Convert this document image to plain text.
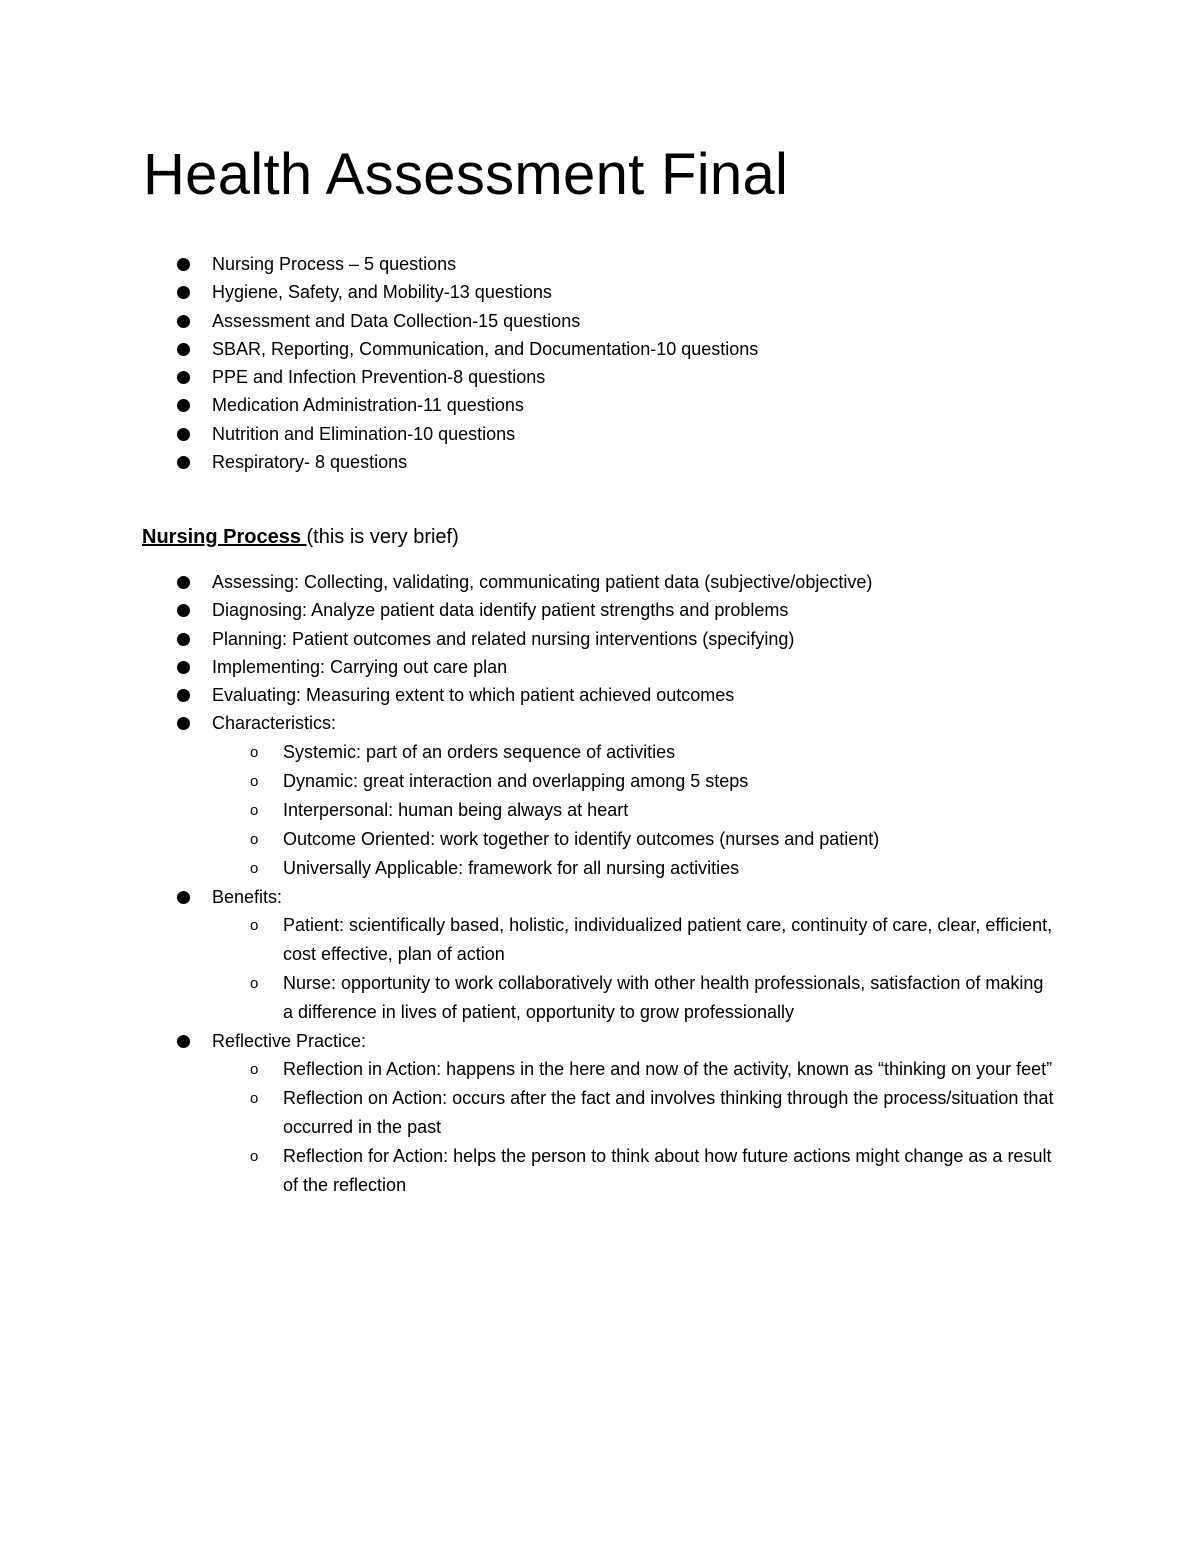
Health Assessment Final
Nursing Process – 5 questions
Hygiene, Safety, and Mobility-13 questions
Assessment and Data Collection-15 questions
SBAR, Reporting, Communication, and Documentation-10 questions
PPE and Infection Prevention-8 questions
Medication Administration-11 questions
Nutrition and Elimination-10 questions
Respiratory- 8 questions
Nursing Process (this is very brief)
Assessing: Collecting, validating, communicating patient data (subjective/objective)
Diagnosing: Analyze patient data identify patient strengths and problems
Planning: Patient outcomes and related nursing interventions (specifying)
Implementing: Carrying out care plan
Evaluating: Measuring extent to which patient achieved outcomes
Characteristics:
o Systemic: part of an orders sequence of activities
o Dynamic: great interaction and overlapping among 5 steps
o Interpersonal: human being always at heart
o Outcome Oriented: work together to identify outcomes (nurses and patient)
o Universally Applicable: framework for all nursing activities
Benefits:
o Patient: scientifically based, holistic, individualized patient care, continuity of care, clear, efficient, cost effective, plan of action
o Nurse: opportunity to work collaboratively with other health professionals, satisfaction of making a difference in lives of patient, opportunity to grow professionally
Reflective Practice:
o Reflection in Action: happens in the here and now of the activity, known as “thinking on your feet”
o Reflection on Action: occurs after the fact and involves thinking through the process/situation that occurred in the past
o Reflection for Action: helps the person to think about how future actions might change as a result of the reflection
